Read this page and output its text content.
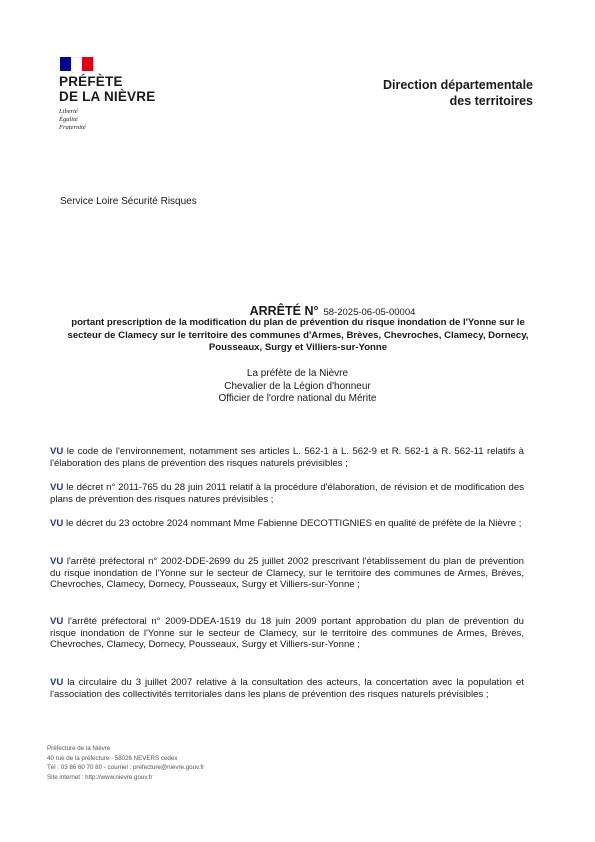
PRÉFÈTE
DE LA NIÈVRE
Liberté
Égalité
Fraternité
Direction départementale
des territoires
Service Loire Sécurité Risques
ARRÊTÉ N° 58-2025-06-05-00004
portant prescription de la modification du plan de prévention du risque inondation de l'Yonne sur le secteur de Clamecy sur le territoire des communes d'Armes, Brèves, Chevroches, Clamecy, Dornecy, Pousseaux, Surgy et Villiers-sur-Yonne
La préfète de la Nièvre
Chevalier de la Légion d'honneur
Officier de l'ordre national du Mérite
VU le code de l'environnement, notamment ses articles L. 562-1 à L. 562-9 et R. 562-1 à R. 562-11 relatifs à l'élaboration des plans de prévention des risques naturels prévisibles ;
VU le décret n° 2011-765 du 28 juin 2011 relatif à la procédure d'élaboration, de révision et de modification des plans de prévention des risques natures prévisibles ;
VU le décret du 23 octobre 2024 nommant Mme Fabienne DECOTTIGNIES en qualité de préfète de la Nièvre ;
VU l'arrêté préfectoral n° 2002-DDE-2699 du 25 juillet 2002 prescrivant l'établissement du plan de prévention du risque inondation de l'Yonne sur le secteur de Clamecy, sur le territoire des communes de Armes, Brèves, Chevroches, Clamecy, Dornecy, Pousseaux, Surgy et Villiers-sur-Yonne ;
VU l'arrêté préfectoral n° 2009-DDEA-1519 du 18 juin 2009 portant approbation du plan de prévention du risque inondation de l'Yonne sur le secteur de Clamecy, sur le territoire des communes de Armes, Brèves, Chevroches, Clamecy, Dornecy, Pousseaux, Surgy et Villiers-sur-Yonne ;
VU la circulaire du 3 juillet 2007 relative à la consultation des acteurs, la concertation avec la population et l'association des collectivités territoriales dans les plans de prévention des risques naturels prévisibles ;
Préfecture de la Nièvre
40 rue de la préfecture - 58026 NEVERS cedex
Tél : 03 86 60 70 80 - courriel : prefecture@nievre.gouv.fr
Site internet : http://www.nievre.gouv.fr
